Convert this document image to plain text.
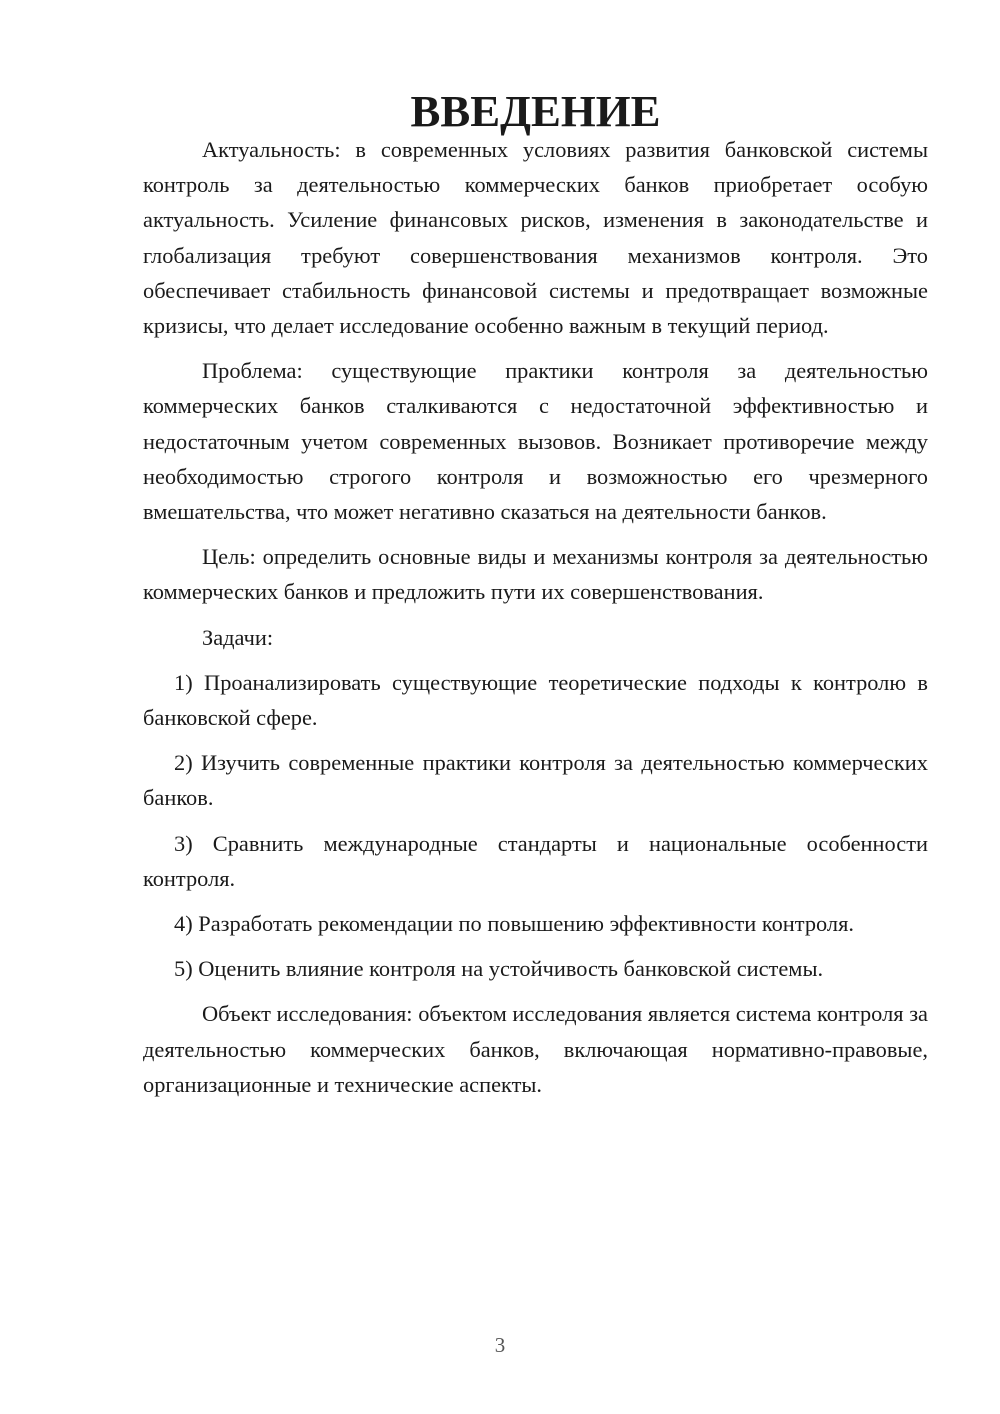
ВВЕДЕНИЕ

Актуальность: в современных условиях развития банковской системы контроль за деятельностью коммерческих банков приобретает особую актуальность. Усиление финансовых рисков, изменения в законодательстве и глобализация требуют совершенствования механизмов контроля. Это обеспечивает стабильность финансовой системы и предотвращает возможные кризисы, что делает исследование особенно важным в текущий период.

Проблема: существующие практики контроля за деятельностью коммерческих банков сталкиваются с недостаточной эффективностью и недостаточным учетом современных вызовов. Возникает противоречие между необходимостью строгого контроля и возможностью его чрезмерного вмешательства, что может негативно сказаться на деятельности банков.

Цель: определить основные виды и механизмы контроля за деятельностью коммерческих банков и предложить пути их совершенствования.

Задачи:

1) Проанализировать существующие теоретические подходы к контролю в банковской сфере.
2) Изучить современные практики контроля за деятельностью коммерческих банков.
3) Сравнить международные стандарты и национальные особенности контроля.
4) Разработать рекомендации по повышению эффективности контроля.
5) Оценить влияние контроля на устойчивость банковской системы.

Объект исследования: объектом исследования является система контроля за деятельностью коммерческих банков, включающая нормативно-правовые, организационные и технические аспекты.

3
